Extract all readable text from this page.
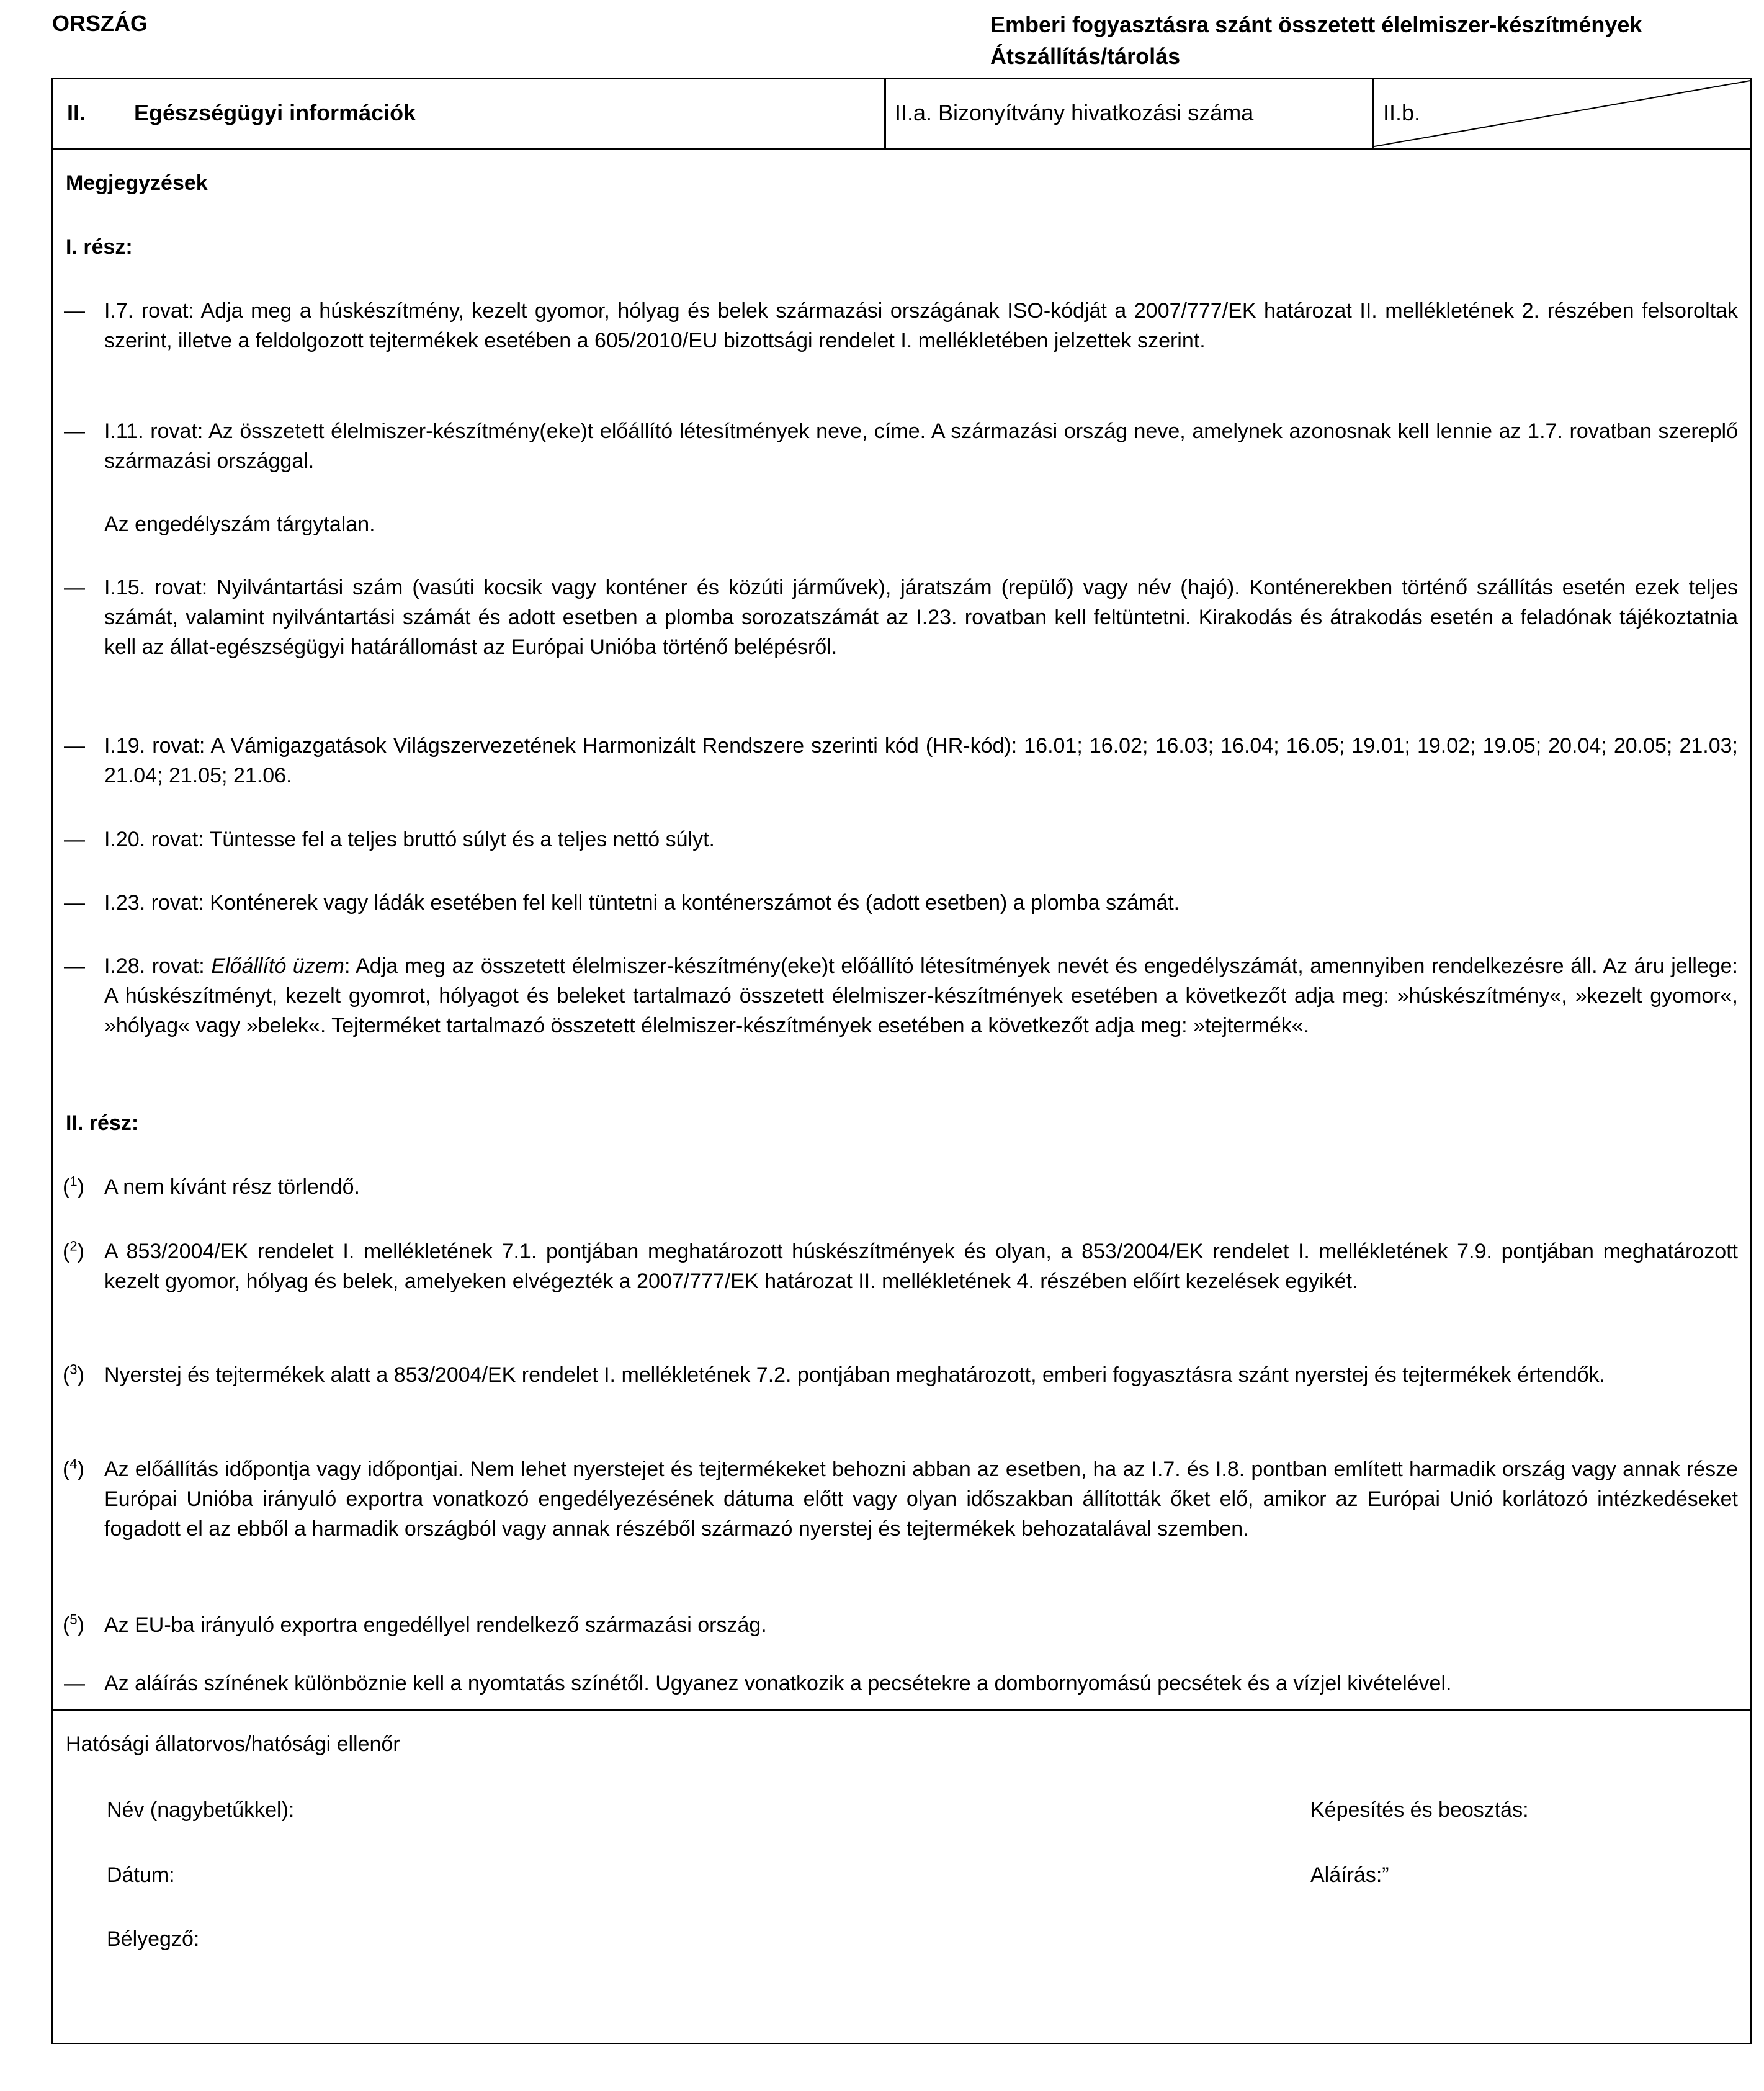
ORSZÁG	Emberi fogyasztásra szánt összetett élelmiszer-készítmények
Átszállítás/tárolás
II. Egészségügyi információk	II.a. Bizonyítvány hivatkozási száma	II.b.
Megjegyzések
I. rész:
— I.7. rovat: Adja meg a húskészítmény, kezelt gyomor, hólyag és belek származási országának ISO-kódját a 2007/777/EK határozat II. mellékletének 2. részében felsoroltak szerint, illetve a feldolgozott tejtermékek esetében a 605/2010/EU bizottsági rendelet I. mellékletében jelzettek szerint.
— I.11. rovat: Az összetett élelmiszer-készítmény(eke)t előállító létesítmények neve, címe. A származási ország neve, amelynek azonosnak kell lennie az 1.7. rovatban szereplő származási országgal.
Az engedélyszám tárgytalan.
— I.15. rovat: Nyilvántartási szám (vasúti kocsik vagy konténer és közúti járművek), járatszám (repülő) vagy név (hajó). Konténerekben történő szállítás esetén ezek teljes számát, valamint nyilvántartási számát és adott esetben a plomba sorozatszámát az I.23. rovatban kell feltüntetni. Kirakodás és átrakodás esetén a feladónak tájékoztatnia kell az állat-egészségügyi határállomást az Európai Unióba történő belépésről.
— I.19. rovat: A Vámigazgatások Világszervezetének Harmonizált Rendszere szerinti kód (HR-kód): 16.01; 16.02; 16.03; 16.04; 16.05; 19.01; 19.02; 19.05; 20.04; 20.05; 21.03; 21.04; 21.05; 21.06.
— I.20. rovat: Tüntesse fel a teljes bruttó súlyt és a teljes nettó súlyt.
— I.23. rovat: Konténerek vagy ládák esetében fel kell tüntetni a konténerszámot és (adott esetben) a plomba számát.
— I.28. rovat: Előállító üzem: Adja meg az összetett élelmiszer-készítmény(eke)t előállító létesítmények nevét és engedélyszámát, amennyiben rendelkezésre áll. Az áru jellege: A húskészítményt, kezelt gyomrot, hólyagot és beleket tartalmazó összetett élelmiszer-készítmények esetében a következőt adja meg: »húskészítmény«, »kezelt gyomor«, »hólyag« vagy »belek«. Tejterméket tartalmazó összetett élelmiszer-készítmények esetében a következőt adja meg: »tejtermék«.
II. rész:
($^1$) A nem kívánt rész törlendő.
($^2$) A 853/2004/EK rendelet I. mellékletének 7.1. pontjában meghatározott húskészítmények és olyan, a 853/2004/EK rendelet I. mellékletének 7.9. pontjában meghatározott kezelt gyomor, hólyag és belek, amelyeken elvégezték a 2007/777/EK határozat II. mellékletének 4. részében előírt kezelések egyikét.
($^3$) Nyerstej és tejtermékek alatt a 853/2004/EK rendelet I. mellékletének 7.2. pontjában meghatározott, emberi fogyasztásra szánt nyerstej és tejtermékek értendők.
($^4$) Az előállítás időpontja vagy időpontjai. Nem lehet nyerstejet és tejtermékeket behozni abban az esetben, ha az I.7. és I.8. pontban említett harmadik ország vagy annak része Európai Unióba irányuló exportra vonatkozó engedélyezésének dátuma előtt vagy olyan időszakban állították őket elő, amikor az Európai Unió korlátozó intézkedéseket fogadott el az ebből a harmadik országból vagy annak részéből származó nyerstej és tejtermékek behozatalával szemben.
($^5$) Az EU-ba irányuló exportra engedéllyel rendelkező származási ország.
— Az aláírás színének különböznie kell a nyomtatás színétől. Ugyanez vonatkozik a pecsétekre a dombornyomású pecsétek és a vízjel kivételével.
Hatósági állatorvos/hatósági ellenőr
Név (nagybetűkkel):	Képesítés és beosztás:
Dátum:	Aláírás:”
Bélyegző:
